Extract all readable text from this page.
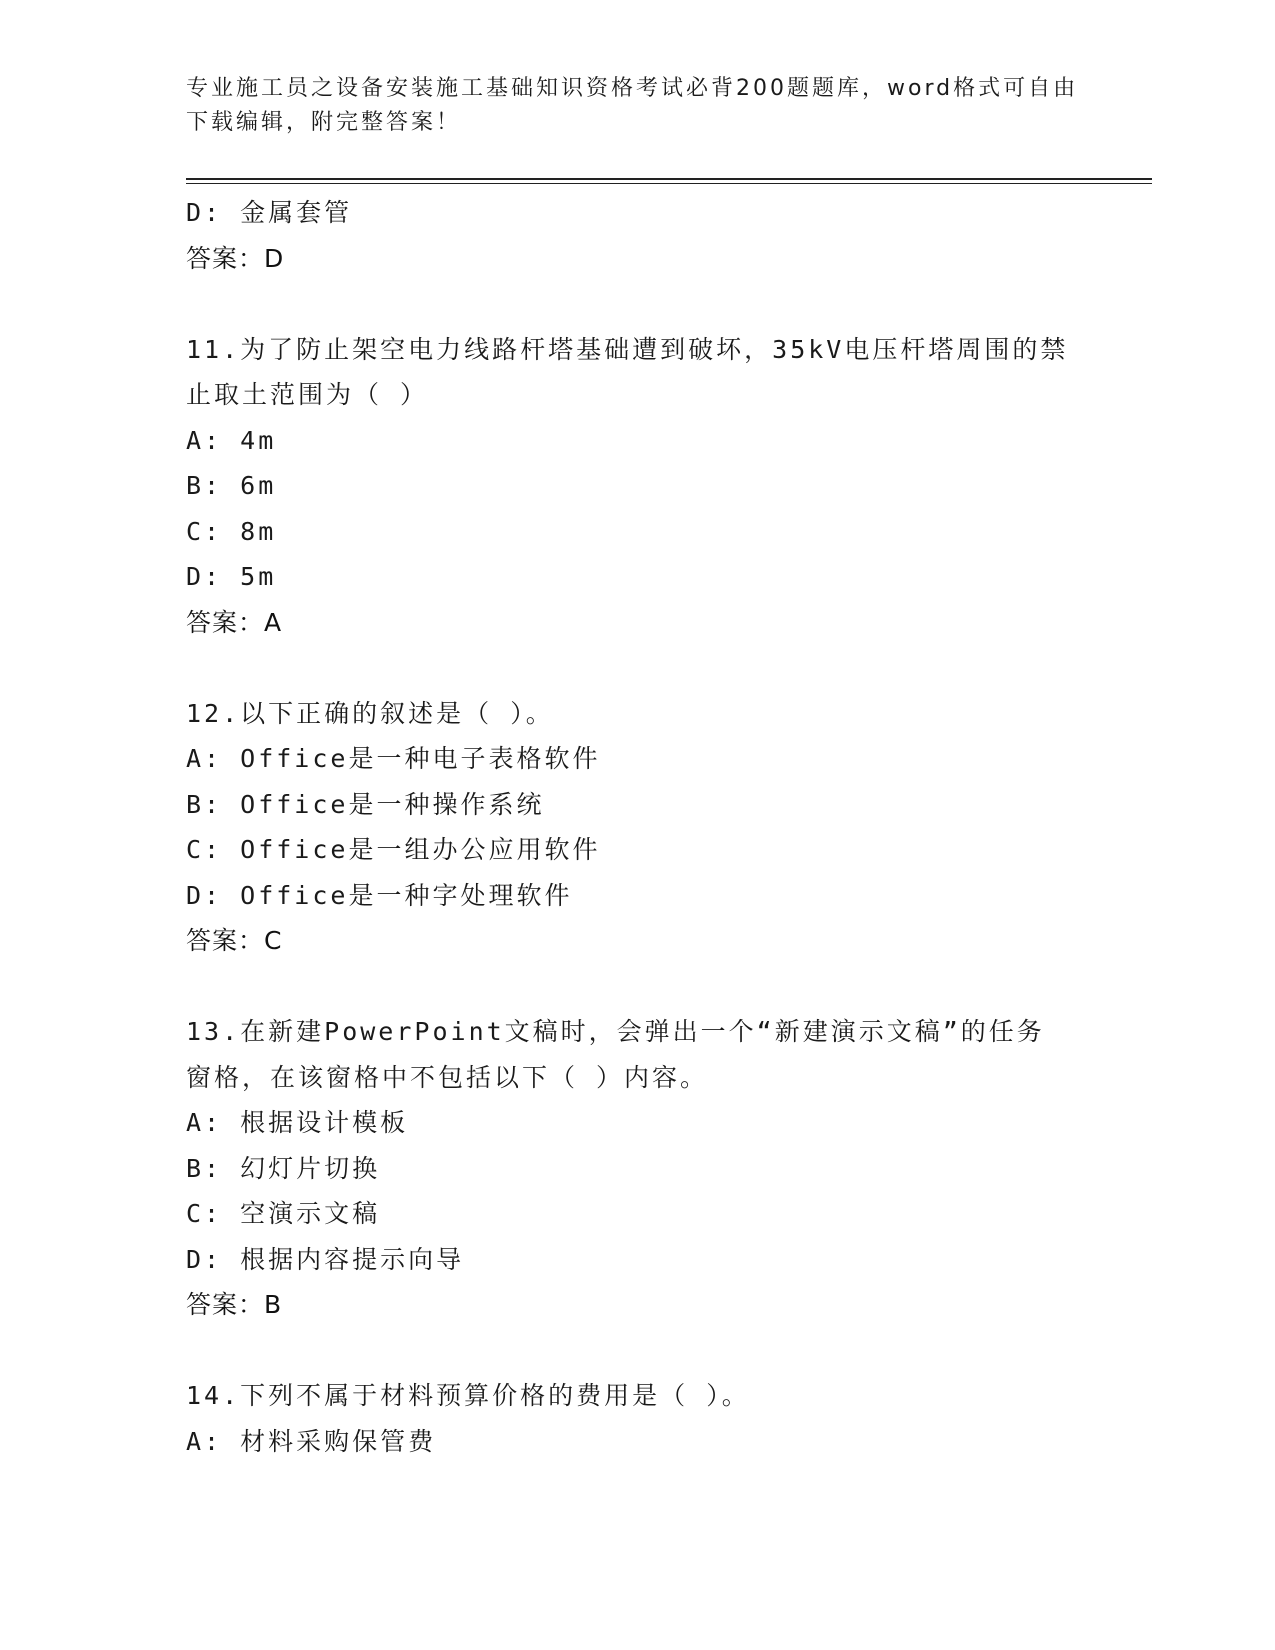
专业施工员之设备安装施工基础知识资格考试必背200题题库，word格式可自由
下载编辑，附完整答案！
D: 金属套管
答案：D
11.为了防止架空电力线路杆塔基础遭到破坏，35kV电压杆塔周围的禁
止取土范围为（ ）
A: 4m
B: 6m
C: 8m
D: 5m
答案：A
12.以下正确的叙述是（ ）。
A: Office是一种电子表格软件
B: Office是一种操作系统
C: Office是一组办公应用软件
D: Office是一种字处理软件
答案：C
13.在新建PowerPoint文稿时，会弹出一个“新建演示文稿”的任务
窗格，在该窗格中不包括以下（ ）内容。
A: 根据设计模板
B: 幻灯片切换
C: 空演示文稿
D: 根据内容提示向导
答案：B
14.下列不属于材料预算价格的费用是（ ）。
A: 材料采购保管费
